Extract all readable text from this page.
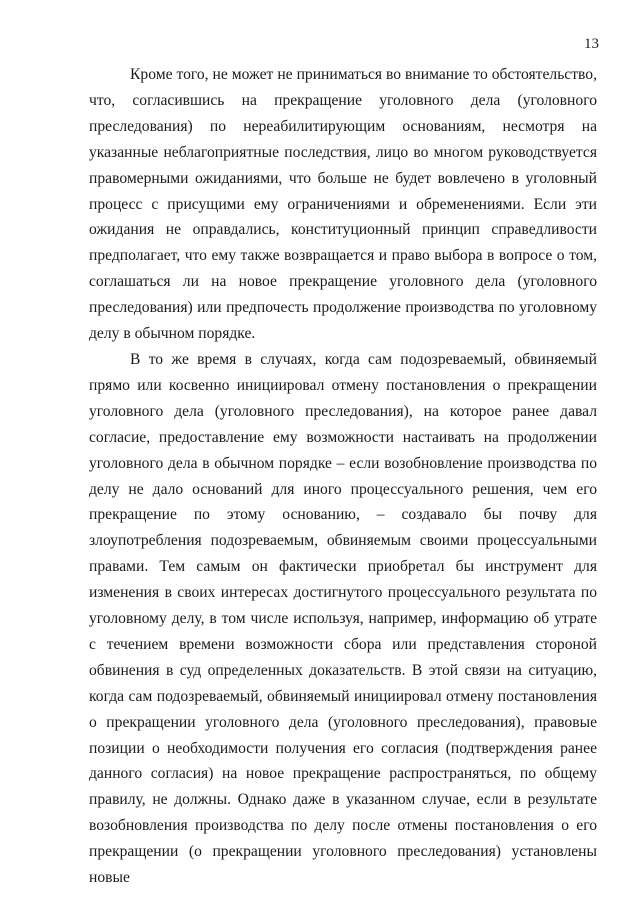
13

Кроме того, не может не приниматься во внимание то обстоятельство, что, согласившись на прекращение уголовного дела (уголовного преследования) по нереабилитирующим основаниям, несмотря на указанные неблагоприятные последствия, лицо во многом руководствуется правомерными ожиданиями, что больше не будет вовлечено в уголовный процесс с присущими ему ограничениями и обременениями. Если эти ожидания не оправдались, конституционный принцип справедливости предполагает, что ему также возвращается и право выбора в вопросе о том, соглашаться ли на новое прекращение уголовного дела (уголовного преследования) или предпочесть продолжение производства по уголовному делу в обычном порядке.

В то же время в случаях, когда сам подозреваемый, обвиняемый прямо или косвенно инициировал отмену постановления о прекращении уголовного дела (уголовного преследования), на которое ранее давал согласие, предоставление ему возможности настаивать на продолжении уголовного дела в обычном порядке – если возобновление производства по делу не дало оснований для иного процессуального решения, чем его прекращение по этому основанию, – создавало бы почву для злоупотребления подозреваемым, обвиняемым своими процессуальными правами. Тем самым он фактически приобретал бы инструмент для изменения в своих интересах достигнутого процессуального результата по уголовному делу, в том числе используя, например, информацию об утрате с течением времени возможности сбора или представления стороной обвинения в суд определенных доказательств. В этой связи на ситуацию, когда сам подозреваемый, обвиняемый инициировал отмену постановления о прекращении уголовного дела (уголовного преследования), правовые позиции о необходимости получения его согласия (подтверждения ранее данного согласия) на новое прекращение распространяться, по общему правилу, не должны. Однако даже в указанном случае, если в результате возобновления производства по делу после отмены постановления о его прекращении (о прекращении уголовного преследования) установлены новые
